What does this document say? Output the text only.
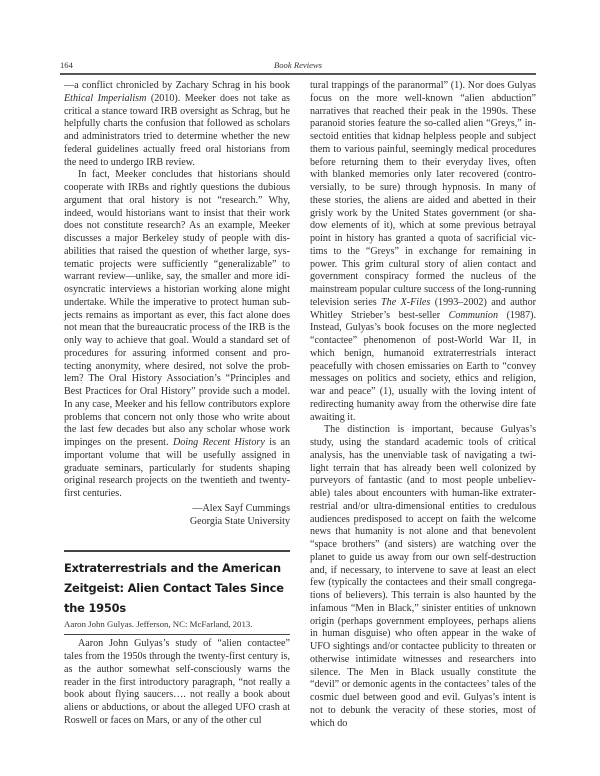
164	Book Reviews

—a conflict chronicled by Zachary Schrag in his book Ethical Imperialism (2010). Meeker does not take as critical a stance toward IRB oversight as Schrag, but he helpfully charts the confusion that followed as scholars and administrators tried to determine whether the new federal guidelines actually freed oral historians from the need to undergo IRB review.

In fact, Meeker concludes that historians should cooperate with IRBs and rightly questions the dubious argument that oral history is not “research.” Why, indeed, would historians want to insist that their work does not constitute research? As an example, Meeker discusses a major Berkeley study of people with disabilities that raised the question of whether large, systematic projects were sufficiently “generalizable” to warrant review—unlike, say, the smaller and more idiosyncratic interviews a historian working alone might undertake. While the imperative to protect human subjects remains as important as ever, this fact alone does not mean that the bureaucratic process of the IRB is the only way to achieve that goal. Would a standard set of procedures for assuring informed consent and protecting anonymity, where desired, not solve the problem? The Oral History Association’s “Principles and Best Practices for Oral History” provide such a model. In any case, Meeker and his fellow contributors explore problems that concern not only those who write about the last few decades but also any scholar whose work impinges on the present. Doing Recent History is an important volume that will be usefully assigned in graduate seminars, particularly for students shaping original research projects on the twentieth and twenty-first centuries.

—Alex Sayf Cummings
Georgia State University
Extraterrestrials and the American Zeitgeist: Alien Contact Tales Since the 1950s
Aaron John Gulyas. Jefferson, NC: McFarland, 2013.

Aaron John Gulyas’s study of “alien contactee” tales from the 1950s through the twenty-first century is, as the author somewhat self-consciously warns the reader in the first introductory paragraph, “not really a book about flying saucers…. not really a book about aliens or abductions, or about the alleged UFO crash at Roswell or faces on Mars, or any of the other cul

tural trappings of the paranormal” (1). Nor does Gulyas focus on the more well-known “alien abduction” narratives that reached their peak in the 1990s. These paranoid stories feature the so-called alien “Greys,” insectoid entities that kidnap helpless people and subject them to various painful, seemingly medical procedures before returning them to their everyday lives, often with blanked memories only later recovered (controversially, to be sure) through hypnosis. In many of these stories, the aliens are aided and abetted in their grisly work by the United States government (or shadow elements of it), which at some previous betrayal point in history has granted a quota of sacrificial victims to the “Greys” in exchange for remaining in power. This grim cultural story of alien contact and government conspiracy formed the nucleus of the mainstream popular culture success of the long-running television series The X-Files (1993–2002) and author Whitley Strieber’s best-seller Communion (1987). Instead, Gulyas’s book focuses on the more neglected “contactee” phenomenon of post-World War II, in which benign, humanoid extraterrestrials interact peacefully with chosen emissaries on Earth to “convey messages on politics and society, ethics and religion, war and peace” (1), usually with the loving intent of redirecting humanity away from the otherwise dire fate awaiting it.

The distinction is important, because Gulyas’s study, using the standard academic tools of critical analysis, has the unenviable task of navigating a twilight terrain that has already been well colonized by purveyors of fantastic (and to most people unbelievable) tales about encounters with human-like extraterrestrial and/or ultra-dimensional entities to credulous audiences predisposed to accept on faith the welcome news that humanity is not alone and that benevolent “space brothers” (and sisters) are watching over the planet to guide us away from our own self-destruction and, if necessary, to intervene to save at least an elect few (typically the contactees and their small congregations of believers). This terrain is also haunted by the infamous “Men in Black,” sinister entities of unknown origin (perhaps government employees, perhaps aliens in human disguise) who often appear in the wake of UFO sightings and/or contactee publicity to threaten or otherwise intimidate witnesses and researchers into silence. The Men in Black usually constitute the “devil” or demonic agents in the contactees’ tales of the cosmic duel between good and evil. Gulyas’s intent is not to debunk the veracity of these stories, most of which do
